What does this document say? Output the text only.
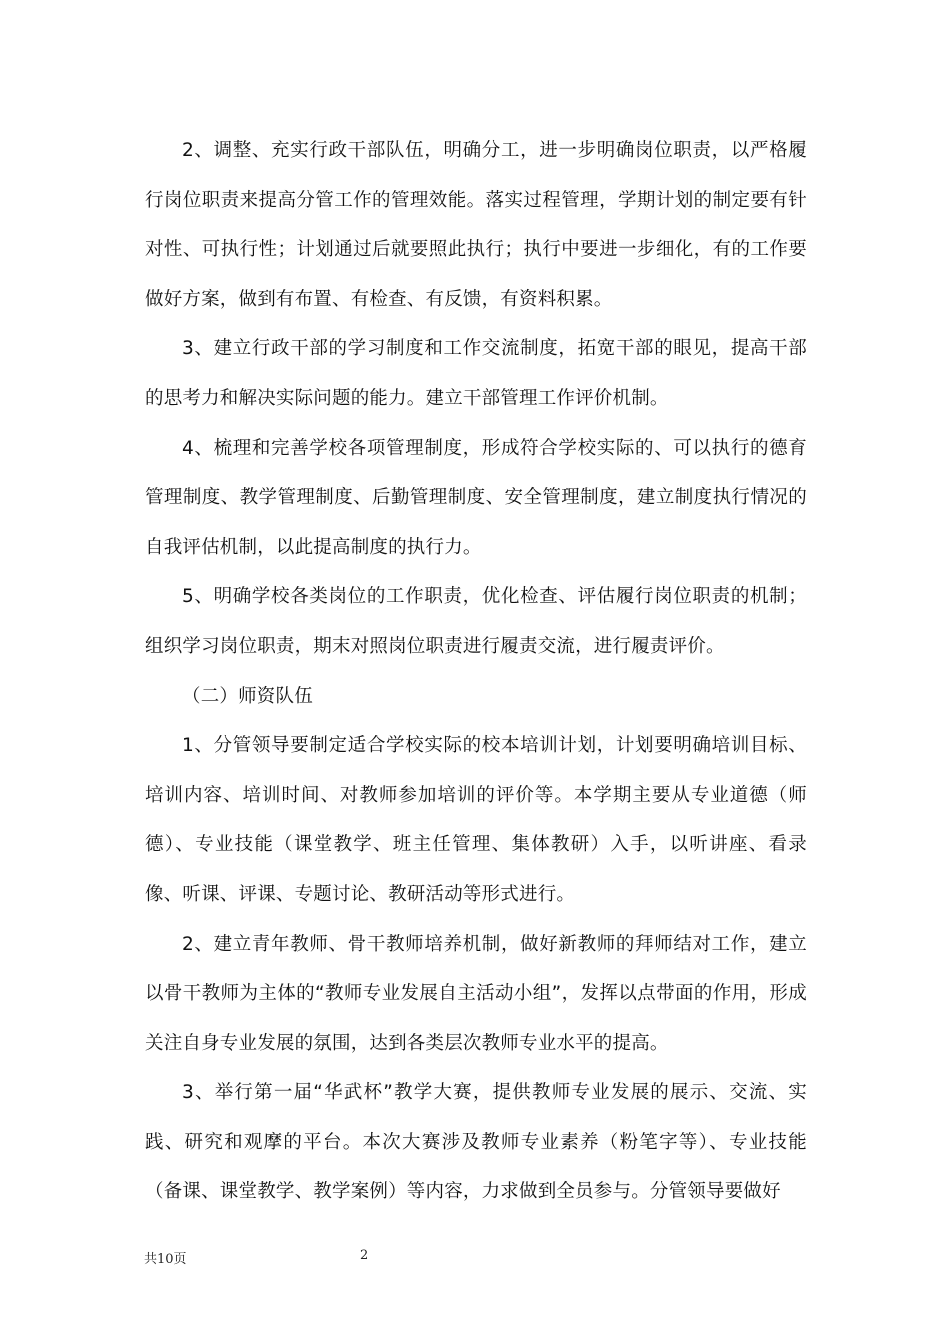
2、调整、充实行政干部队伍，明确分工，进一步明确岗位职责，以严格履行岗位职责来提高分管工作的管理效能。落实过程管理，学期计划的制定要有针对性、可执行性；计划通过后就要照此执行；执行中要进一步细化，有的工作要做好方案，做到有布置、有检查、有反馈，有资料积累。

3、建立行政干部的学习制度和工作交流制度，拓宽干部的眼见，提高干部的思考力和解决实际问题的能力。建立干部管理工作评价机制。

4、梳理和完善学校各项管理制度，形成符合学校实际的、可以执行的德育管理制度、教学管理制度、后勤管理制度、安全管理制度，建立制度执行情况的自我评估机制，以此提高制度的执行力。

5、明确学校各类岗位的工作职责，优化检查、评估履行岗位职责的机制；组织学习岗位职责，期末对照岗位职责进行履责交流，进行履责评价。

（二）师资队伍

1、分管领导要制定适合学校实际的校本培训计划，计划要明确培训目标、培训内容、培训时间、对教师参加培训的评价等。本学期主要从专业道德（师德）、专业技能（课堂教学、班主任管理、集体教研）入手，以听讲座、看录像、听课、评课、专题讨论、教研活动等形式进行。

2、建立青年教师、骨干教师培养机制，做好新教师的拜师结对工作，建立以骨干教师为主体的“教师专业发展自主活动小组”，发挥以点带面的作用，形成关注自身专业发展的氛围，达到各类层次教师专业水平的提高。

3、举行第一届“华武杯”教学大赛，提供教师专业发展的展示、交流、实践、研究和观摩的平台。本次大赛涉及教师专业素养（粉笔字等）、专业技能（备课、课堂教学、教学案例）等内容，力求做到全员参与。分管领导要做好

共10页	2
